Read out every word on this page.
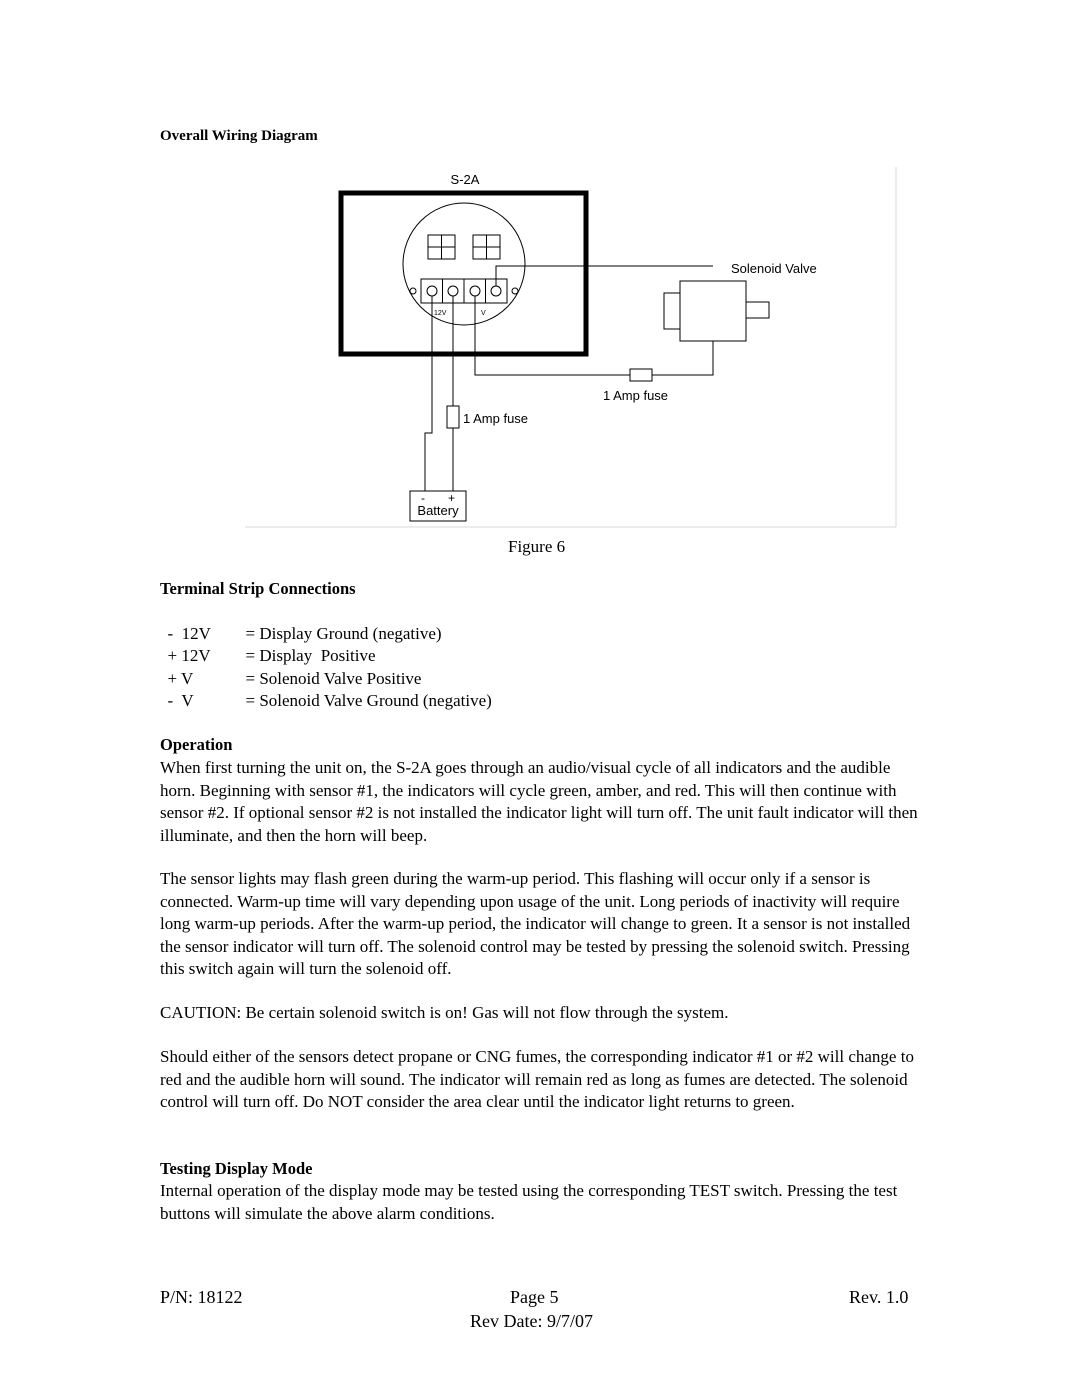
Overall Wiring Diagram
S-2A
12V	V
Solenoid Valve
1 Amp fuse
1 Amp fuse
- +
Battery
Figure 6
Terminal Strip Connections

-  12V = Display Ground (negative)

+ 12V = Display  Positive

+ V	= Solenoid Valve Positive

-  V	= Solenoid Valve Ground (negative)

Operation

When first turning the unit on, the S-2A goes through an audio/visual cycle of all indicators and the audible horn. Beginning with sensor #1, the indicators will cycle green, amber, and red. This will then continue with sensor #2. If optional sensor #2 is not installed the indicator light will turn off. The unit fault indicator will then illuminate, and then the horn will beep.

The sensor lights may flash green during the warm-up period. This flashing will occur only if a sensor is connected. Warm-up time will vary depending upon usage of the unit. Long periods of inactivity will require long warm-up periods. After the warm-up period, the indicator will change to green. It a sensor is not installed the sensor indicator will turn off. The solenoid control may be tested by pressing the solenoid switch. Pressing this switch again will turn the solenoid off.

CAUTION: Be certain solenoid switch is on! Gas will not flow through the system.

Should either of the sensors detect propane or CNG fumes, the corresponding indicator #1 or #2 will change to red and the audible horn will sound. The indicator will remain red as long as fumes are detected. The solenoid control will turn off. Do NOT consider the area clear until the indicator light returns to green.

Testing Display Mode

Internal operation of the display mode may be tested using the corresponding TEST switch. Pressing the test buttons will simulate the above alarm conditions.

P/N: 18122	Page 5	Rev. 1.0
Rev Date: 9/7/07
